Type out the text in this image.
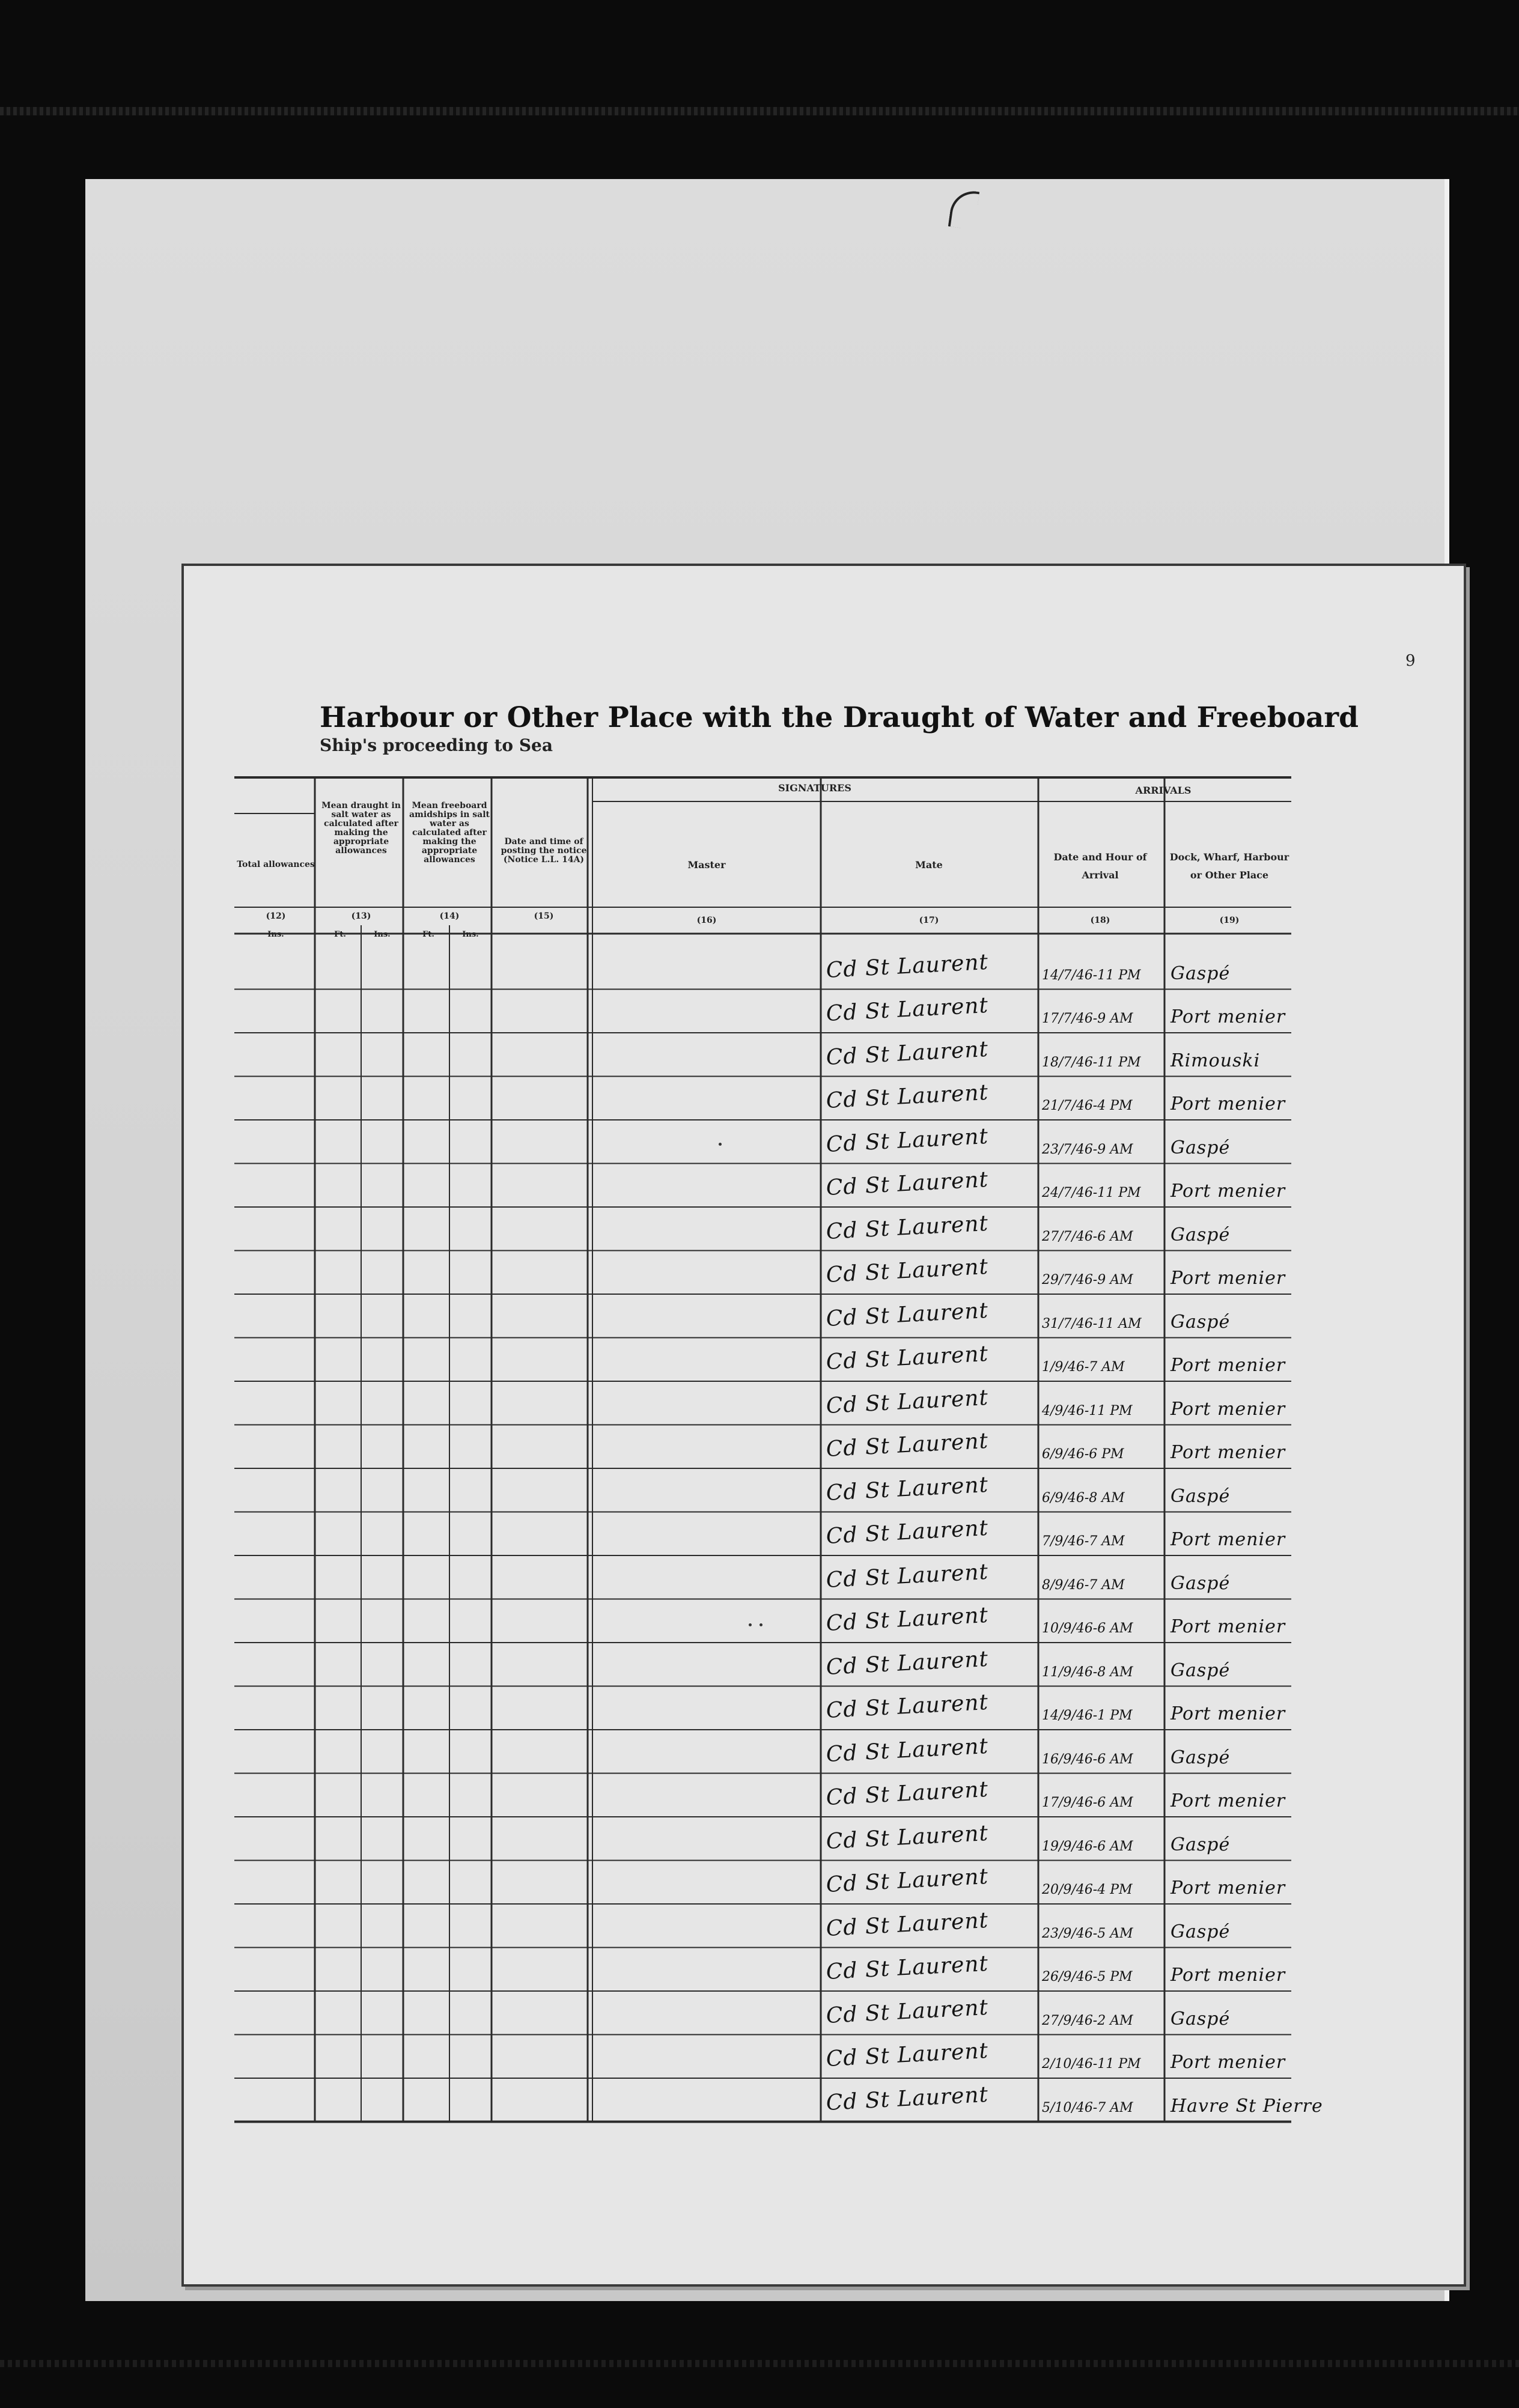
9
Harbour or Other Place with the Draught of Water and Freeboard
Ship's proceeding to Sea
SIGNATURES	ARRIVALS
Total allowances
Mean draught in salt water as calculated after making the appropriate allowances
Mean freeboard amidships in salt water as calculated after making the appropriate allowances
Date and time of posting the notice (Notice L.L. 14A)	Master	Mate
Date and Hour of Arrival
Dock, Wharf, Harbour or Other Place
(12)	(13)	(14)	(15)	(16)	(17)	(18)	(19)
Ins.	Ft.	Ins.	Ft.	Ins.
Cd St Laurent	14/7/46-11 PM Gaspé
Cd St Laurent	17/7/46-9 AM Port menier
Cd St Laurent	18/7/46-11 PM Rimouski
Cd St Laurent	21/7/46-4 PM Port menier
Cd St Laurent	23/7/46-9 AM Gaspé
Cd St Laurent	24/7/46-11 PM Port menier
Cd St Laurent	27/7/46-6 AM Gaspé
Cd St Laurent	29/7/46-9 AM Port menier
Cd St Laurent	31/7/46-11 AM Gaspé
Cd St Laurent	1/9/46-7 AM	Port menier
Cd St Laurent	4/9/46-11 PM Port menier
Cd St Laurent	6/9/46-6 PM	Port menier
Cd St Laurent	6/9/46-8 AM	Gaspé
Cd St Laurent	7/9/46-7 AM	Port menier
Cd St Laurent	8/9/46-7 AM	Gaspé
Cd St Laurent	10/9/46-6 AM Port menier
Cd St Laurent	11/9/46-8 AM Gaspé
Cd St Laurent	14/9/46-1 PM Port menier
Cd St Laurent	16/9/46-6 AM Gaspé
Cd St Laurent	17/9/46-6 AM Port menier
Cd St Laurent	19/9/46-6 AM Gaspé
Cd St Laurent	20/9/46-4 PM Port menier
Cd St Laurent	23/9/46-5 AM Gaspé
Cd St Laurent	26/9/46-5 PM Port menier
Cd St Laurent	27/9/46-2 AM Gaspé
Cd St Laurent	2/10/46-11 PM Port menier
Cd St Laurent	5/10/46-7 AM Havre St Pierre
